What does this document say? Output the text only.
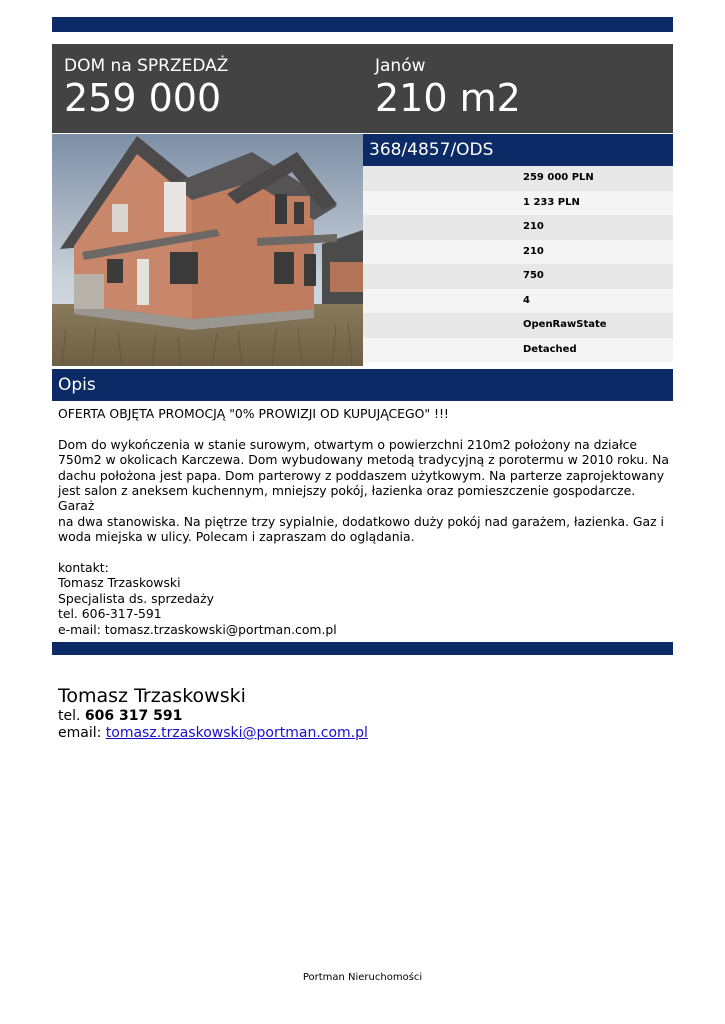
DOM na SPRZEDAŻ
259 000
Janów
210 m2
368/4857/ODS
259 000 PLN
1 233 PLN
210
210
750
4
OpenRawState
Detached
Opis

OFERTA OBJĘTA PROMOCJĄ "0% PROWIZJI OD KUPUJĄCEGO" !!!

Dom do wykończenia w stanie surowym, otwartym o powierzchni 210m2 położony na działce

750m2 w okolicach Karczewa. Dom wybudowany metodą tradycyjną z porotermu w 2010 roku. Na

dachu położona jest papa. Dom parterowy z poddaszem użytkowym. Na parterze zaprojektowany

jest salon z aneksem kuchennym, mniejszy pokój, łazienka oraz pomieszczenie gospodarcze. Garaż

na dwa stanowiska. Na piętrze trzy sypialnie, dodatkowo duży pokój nad garażem, łazienka. Gaz i

woda miejska w ulicy. Polecam i zapraszam do oglądania.

kontakt:

Tomasz Trzaskowski

Specjalista ds. sprzedaży

tel. 606-317-591

e-mail: tomasz.trzaskowski@portman.com.pl

Tomasz Trzaskowski
tel. 606 317 591
email: tomasz.trzaskowski@portman.com.pl
Portman Nieruchomości
